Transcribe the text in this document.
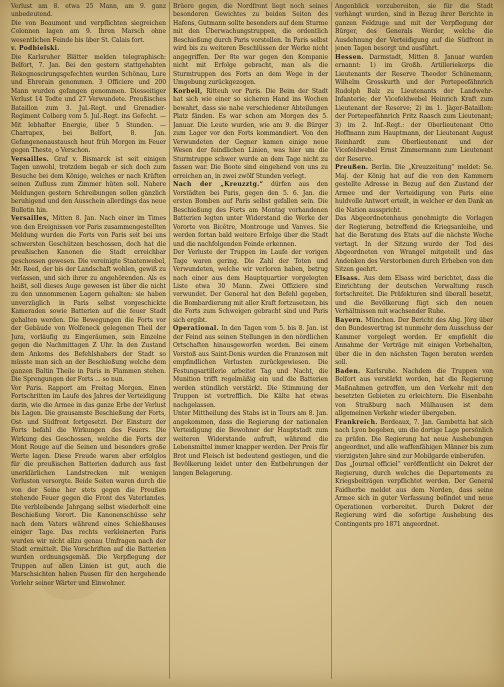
Verlust am 8. etwa 25 Mann, am 9. ganz unbedeutend.

Die von Beaumont und verpflichten siegreichen Colonnen lagen am 9. Ihren Marsch ohne wesentlichen Feinde bis über St. Calais fort.

v. Podbielski.

Die Karlsruher Blätter melden telegraphisch: Belfort, 7. Jan. Bei den gestern stattgehabten Rekognoscirungsgefechten wurden Schönau, Lure und Ehrerain genommen. 3 Officiere und 200 Mann wurden gefangen genommen. Diesseitiger Verlust 14 Todte und 27 Verwundete. Preußisches Bataillon zum 3. Jul.-Regt. und Grenadier-Regiment Colberg vom 5. Jul.-Regt. ins Gefecht. — Mit lebhafter Energie, über 5 Stunden. — Charrapex, bei Belfort, 8. Jan. Gefangenenaustausch heut früh Morgen im Feuer gegen Theste, o Verschon.

Versailles. Graf v. Bismarck ist seit einigen Tagen unwohl, trotzdem begab er sich doch zum Besuche bei dem Könige, welches er nach Kräften seinen Zufluss zum Zimmer hüten soll. Nahere Meldungen gestern Schreibungen sollen gänzlich beruhigend und den Ausschein allerdings das neue Bulletin hin.

Versailles, Mitten 8. Jan. Nach einer im Times von den Ereignissen vor Paris zusammengestellten Meldung wurden die Forts von Paris seit bei uns schwersten Geschützen beschossen, doch hat die preußischen Kanonen die Stadt erreichbar geschossen gewesen. Die vereinigte Staatenwebel, Mr. Reed, der bis der Landschaft wohlen, gewiß zu verlassen, und sich ihrer zu angehörenden. Als es heißt, soll dieses Auge gewesen ist über die nicht zu den unnommenen Lagern gehalten: sie haben unverzüglich in Paris selbst vorgeschickte Kameraden sowie Batterien auf die feuer Stadt gehalten werden. Die Bewegungen die Forts vor der Gebäude von Wolfeneck gelegenen Theil der Jura, vorläufig zu Eingeräumen, sein Einzelne gegen die Nachmittagen Z Uhr. In den Zustand dem Ankoms des Befehlshabers der Stadt so müsste man sich an der Beschießung welche dem ganzen Baltin Theile in Paris in Flammen stehen. Die Sprengungen der Forts ... so nun.

Vor Paris. Rapport am Freitag Morgen. Einen Fortschritten im Laufe des Jahres der Verteidigung darin, wie die Armee in das ganze Erbe der Verlust bis Lagen. Die grausamste Beschießung der Forts, Ost- und Südfront fortgesetzt. Der Einsturz der Forts befahl die Wirkungen des Feuers. Die Wirkung des Geschossen, welche die Forts der Mont Rouge auf die Seinen und besonders große Werte lagen. Diese Freude waren aber erfolglos für die preußischen Batterien dadurch aus fast unerklärlichen Landstrecken mit wenigen Verlusten versorgte. Beide Seiten waren durch die von der Seine her stets gegen die Preußen stehende Feuer gegen die Front des Vaterlandes. Die verbleibende Jahrgang selbst wiederholt eine Beschießung Vorort. Die Kanonenschüsse sehr nach dem Vaters während eines Schießhauses einiger Tage. Das rechts verkleinerten Paris wurden wir nicht allzu genau Umfragen nach der Stadt ermittelt. Die Vorschriften auf die Batterien wurden ordnungsgemäß. Die Verpflegung der Truppen auf allen Linien ist gut, auch die Marschsichten haben Pausen für den hergehende Vorlehr seiner Wärter und Einwohner.

Brüere gegen, die Nordfront liegt noch seines besonderen Gewichtes zu beiden Seiten des Hafens, Gutmann sollte besonders auf dem Sturme mit den Überwachungstruppen, die ordentlich Beschießung durch Paris vorstellen. In Paris selbst wird bis zu weiteren Beschlüssen der Werke nicht angegriffen. Der 8te war gegen den Kompanie nicht mit Erfolge gebracht, man als die Sturmtruppen des Forts an dem Wege in der Umgebung zurückgezogen.

Korbeil, Ritteuh vor Paris. Die Beim der Stadt hat sich wie einer so sicheren Hand ins Wochen bewahrt, dass sie nahe verschiedener Abteilungen Platz fänden. Es war schon am Morgen des 5. Januar. Die Leute wurden, wie am 9. die Bürger zum Lager vor den Forts kommandiert. Von den Verwundeten der Gegner kamen einige neue Wesen der feindlichen Linien, was hier um die Sturmtruppe schwer wurde an dem Tage nicht zu fassen war. Die Boote sind eingehend von uns zu erreichen an, in zwei zwölf Stunden verlegt.

Nach der „Kreuzztg.“ dürfen aus den Vorstädten bei Paris, gegen den 5. 6. Jan. die ersten Bomben auf Paris selbst gefallen sein. Die Beschießung des Forts am Montag vorhandenen Batterien legten unter Widerstand die Werke der Vororte von Bicêtre, Montrouge und Vanves. Sie werden fortan bald weitere Erfolge über die Stadt und die nachfolgenden Feinde erkennen.

Der Verluste der Truppen im Laufe der vorigen Tage waren gering. Die Zahl der Toten und Verwundeten, welche wir verloren haben, betrug nach einer aus dem Hauptquartier vorgelegten Liste etwa 30 Mann. Zwei Offiziere sind verwundet. Der General hat den Befehl gegeben, die Bombardierung mit aller Kraft fortzusetzen, bis die Forts zum Schweigen gebracht sind und Paris sich ergibt.

Operational. In den Tagen vom 5. bis 8. Jan. ist der Feind aus seinen Stellungen in den nördlichen Ortschaften hinausgeworfen worden. Bei einem Vorstoß aus Saint-Denis wurden die Franzosen mit empfindlichen Verlusten zurückgewiesen. Die Festungsartillerie arbeitet Tag und Nacht, die Munition trifft regelmäßig ein und die Batterien werden stündlich verstärkt. Die Stimmung der Truppen ist vortrefflich. Die Kälte hat etwas nachgelassen.

Unter Mittheilung des Stabs ist in Tours am 8. Jan. angekommen, dass die Regierung der nationalen Verteidigung die Bewohner der Hauptstadt zum weiteren Widerstande aufruft, während die Lebensmittel immer knapper werden. Der Preis für Brot und Fleisch ist bedeutend gestiegen, und die Bevölkerung leidet unter den Entbehrungen der langen Belagerung.

Angenblick vorzubereiten, sie für die Stadt verhängt wurden, sind in Bezug ihrer Berichte in ganzen Feldzuge und mit der Verpflegung der Bürger, des Generals Werder, welche die Ausdehnung der Verteidigung auf die Südfront in jenen Tagen besorgt und ausführt.

Hessen. Darmstadt, Mitten 8. Januar wurden ernannt: 1) im Großh. Artilleriekorps die Lieutenants der Reserve Theodor Schünemann, Wilhelm Grosskurth und der Portepeefähnrich Rudolph Balz zu Lieutenants der Landwehr-Infanterie; der Vicefeldwebel Heinrich Kraft zum Lieutenant der Reserve; 2) im 1. Jäger-Bataillon: der Portepeefähnrich Fritz Raasch zum Lieutenant; 3) im 2. Inf.-Regt.: der Oberlieutenant Otto Hoffmann zum Hauptmann, der Lieutenant August Reinhardt zum Oberlieutenant und der Vicefeldwebel Ernst Zimmermann zum Lieutenant der Reserve.

Preußen. Berlin. Die „Kreuzzeitung“ meldet: Se. Maj. der König hat auf die von den Kammern gestellte Adresse in Bezug auf den Zustand der Armee und der Verteidigung von Paris eine huldvolle Antwort erteilt, in welcher er den Dank an die Nation ausspricht.

Das Abgeordnetenhaus genehmigte die Vorlagen der Regierung, betreffend die Kriegsanleihe, und hat die Beratung des Etats auf die nächste Woche vertagt. In der Sitzung wurde der Tod des Abgeordneten von Wrangel mitgeteilt und das Andenken des Verstorbenen durch Erheben von den Sitzen geehrt.

Elsass. Aus dem Elsass wird berichtet, dass die Einrichtung der deutschen Verwaltung rasch fortschreitet. Die Präfekturen sind überall besetzt, und die Bevölkerung fügt sich den neuen Verhältnissen mit wachsender Ruhe.

Bayern. München. Der Bericht des Abg. Jörg über den Bundesvertrag ist nunmehr dem Ausschuss der Kammer vorgelegt worden. Er empfiehlt die Annahme der Verträge mit einigen Vorbehalten, über die in den nächsten Tagen beraten werden soll.

Baden. Karlsruhe. Nachdem die Truppen von Belfort aus verstärkt worden, hat die Regierung Maßnahmen getroffen, um den Verkehr mit den besetzten Gebieten zu erleichtern. Die Eisenbahn von Straßburg nach Mülhausen ist dem allgemeinen Verkehr wieder übergeben.

Frankreich. Bordeaux, 7. Jan. Gambetta hat sich nach Lyon begeben, um die dortige Lage persönlich zu prüfen. Die Regierung hat neue Aushebungen angeordnet, und alle waffenfähigen Männer bis zum vierzigsten Jahre sind zur Mobilgarde einberufen.

Das „Journal officiel“ veröffentlicht ein Dekret der Regierung, durch welches die Departements zu Kriegsbeiträgen verpflichtet werden. Der General Faidherbe meldet aus dem Norden, dass seine Armee sich in guter Verfassung befindet und neue Operationen vorbereitet. Durch Dekret der Regierung wird die sofortige Aushebung des Contingents pro 1871 angeordnet.
